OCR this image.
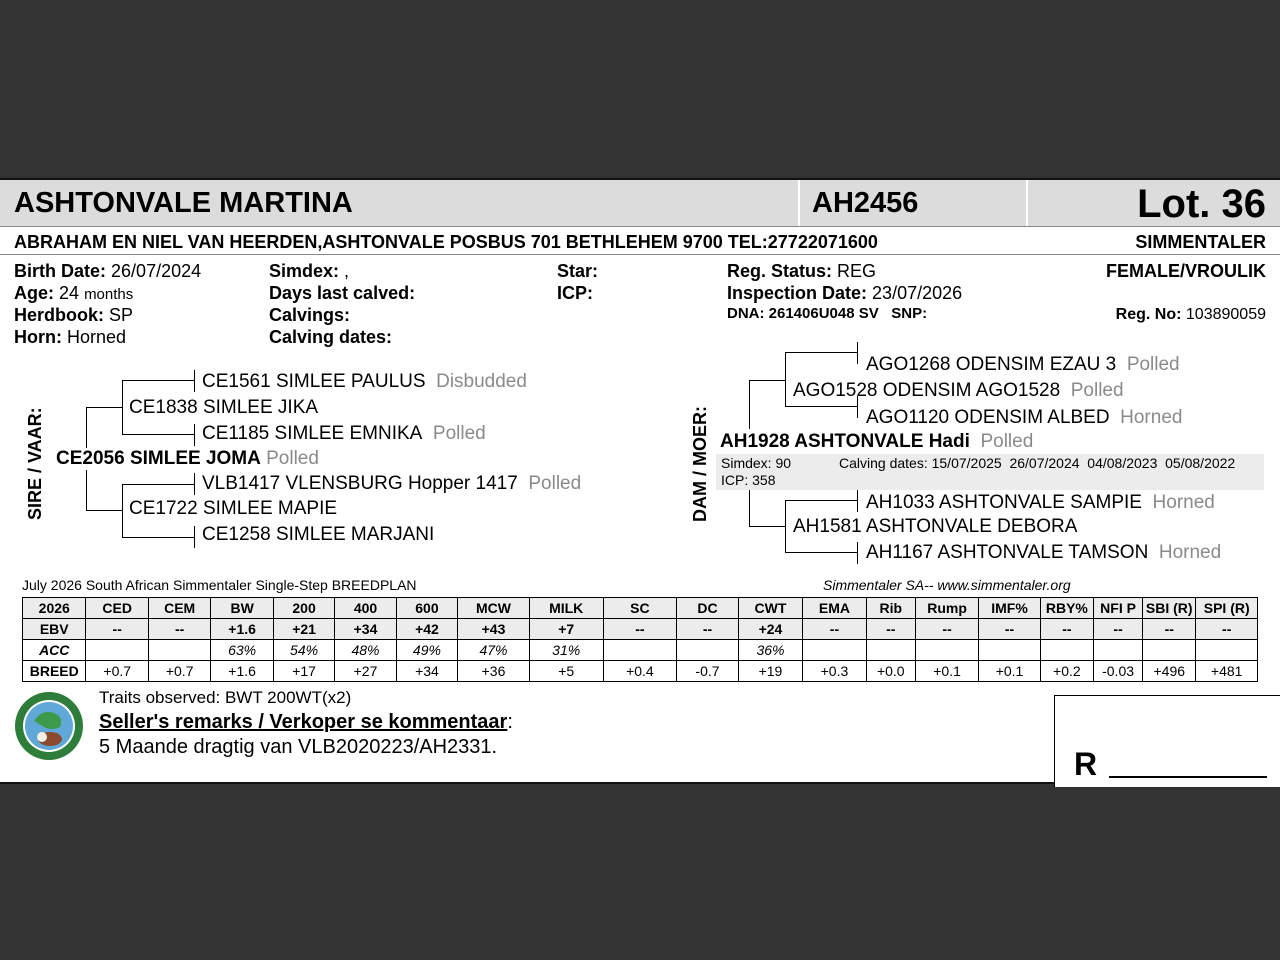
ASHTONVALE MARTINA	AH2456	Lot. 36
ABRAHAM EN NIEL VAN HEERDEN,ASHTONVALE POSBUS 701 BETHLEHEM 9700 TEL:27722071600	SIMMENTALER
Birth Date: 26/07/2024
Age: 24 months
Herdbook: SP
Horn: Horned
Simdex: ,
Days last calved:
Calvings:
Calving dates:
Star:
ICP:
Reg. Status: REG
Inspection Date: 23/07/2026
DNA: 261406U048 SV   SNP:
FEMALE/VROULIK
Reg. No: 103890059
SIRE / VAAR:
CE1561 SIMLEE PAULUS Disbudded
CE1838 SIMLEE JIKA
CE1185 SIMLEE EMNIKA Polled
CE2056 SIMLEE JOMA Polled
VLB1417 VLENSBURG Hopper 1417 Polled
CE1722 SIMLEE MAPIE
CE1258 SIMLEE MARJANI
DAM / MOER:
AGO1268 ODENSIM EZAU 3 Polled
AGO1528 ODENSIM AGO1528 Polled
AGO1120 ODENSIM ALBED Horned
AH1928 ASHTONVALE Hadi Polled
Simdex: 90
ICP: 358
Calving dates: 15/07/2025  26/07/2024  04/08/2023  05/08/2022
AH1033 ASHTONVALE SAMPIE Horned
AH1581 ASHTONVALE DEBORA
AH1167 ASHTONVALE TAMSON Horned
July 2026 South African Simmentaler Single-Step BREEDPLAN	Simmentaler SA-- www.simmentaler.org
2026	CED	CEM	BW	200	400	600	MCW	MILK	SC	DC	CWT	EMA	Rib	Rump	IMF%	RBY%	NFI P	SBI (R)	SPI (R)
EBV	--	--	+1.6	+21	+34	+42	+43	+7	--	--	+24	--	--	--	--	--	--	--	--
ACC			63%	54%	48%	49%	47%	31%			36%								
BREED	+0.7	+0.7	+1.6	+17	+27	+34	+36	+5	+0.4	-0.7	+19	+0.3	+0.0	+0.1	+0.1	+0.2	-0.03	+496	+481
Traits observed: BWT 200WT(x2)
Seller's remarks / Verkoper se kommentaar:
5 Maande dragtig van VLB2020223/AH2331.	R
